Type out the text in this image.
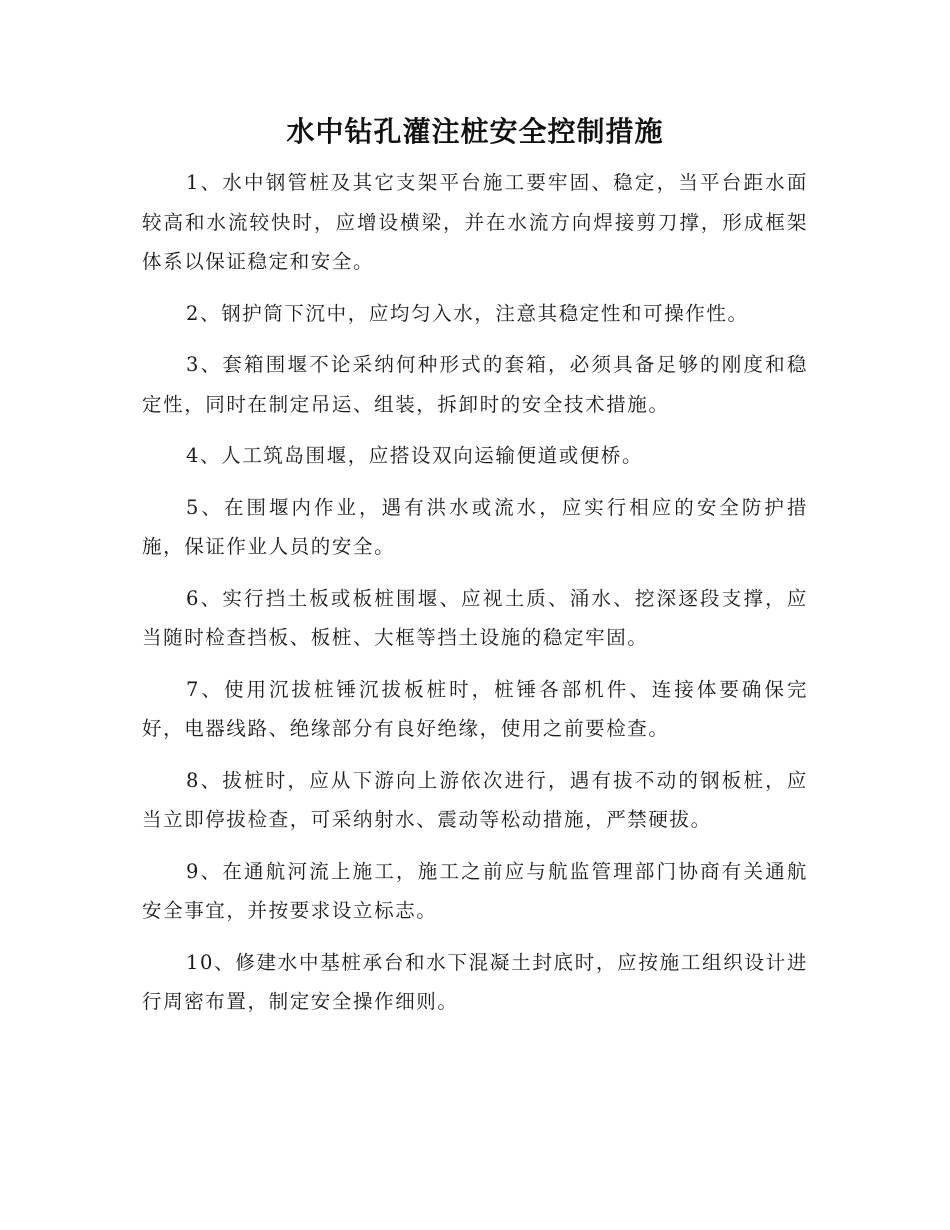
水中钻孔灌注桩安全控制措施

1、水中钢管桩及其它支架平台施工要牢固、稳定，当平台距水面较高和水流较快时，应增设横梁，并在水流方向焊接剪刀撑，形成框架体系以保证稳定和安全。

2、钢护筒下沉中，应均匀入水，注意其稳定性和可操作性。

3、套箱围堰不论采纳何种形式的套箱，必须具备足够的刚度和稳定性，同时在制定吊运、组装，拆卸时的安全技术措施。

4、人工筑岛围堰，应搭设双向运输便道或便桥。

5、在围堰内作业，遇有洪水或流水，应实行相应的安全防护措施，保证作业人员的安全。

6、实行挡土板或板桩围堰、应视土质、涌水、挖深逐段支撑，应当随时检查挡板、板桩、大框等挡土设施的稳定牢固。

7、使用沉拔桩锤沉拔板桩时，桩锤各部机件、连接体要确保完好，电器线路、绝缘部分有良好绝缘，使用之前要检查。

8、拔桩时，应从下游向上游依次进行，遇有拔不动的钢板桩，应当立即停拔检查，可采纳射水、震动等松动措施，严禁硬拔。

9、在通航河流上施工，施工之前应与航监管理部门协商有关通航安全事宜，并按要求设立标志。

10、修建水中基桩承台和水下混凝土封底时，应按施工组织设计进行周密布置，制定安全操作细则。
